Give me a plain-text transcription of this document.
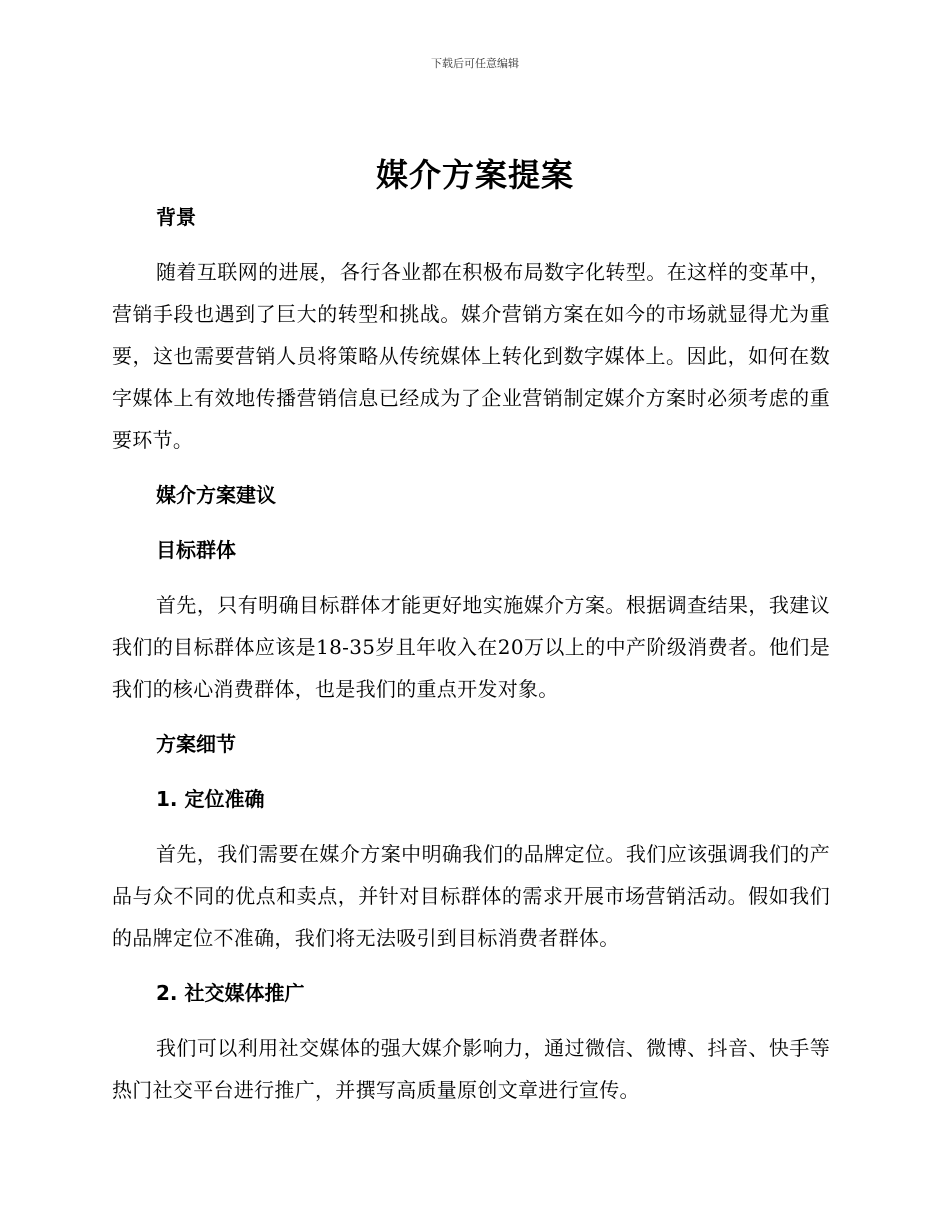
下载后可任意编辑
媒介方案提案
背景

随着互联网的进展，各行各业都在积极布局数字化转型。在这样的变革中，营销手段也遇到了巨大的转型和挑战。媒介营销方案在如今的市场就显得尤为重要，这也需要营销人员将策略从传统媒体上转化到数字媒体上。因此，如何在数字媒体上有效地传播营销信息已经成为了企业营销制定媒介方案时必须考虑的重要环节。

媒介方案建议
目标群体

首先，只有明确目标群体才能更好地实施媒介方案。根据调查结果，我建议我们的目标群体应该是18-35岁且年收入在20万以上的中产阶级消费者。他们是我们的核心消费群体，也是我们的重点开发对象。

方案细节
1. 定位准确

首先，我们需要在媒介方案中明确我们的品牌定位。我们应该强调我们的产品与众不同的优点和卖点，并针对目标群体的需求开展市场营销活动。假如我们的品牌定位不准确，我们将无法吸引到目标消费者群体。

2. 社交媒体推广

我们可以利用社交媒体的强大媒介影响力，通过微信、微博、抖音、快手等热门社交平台进行推广，并撰写高质量原创文章进行宣传。
